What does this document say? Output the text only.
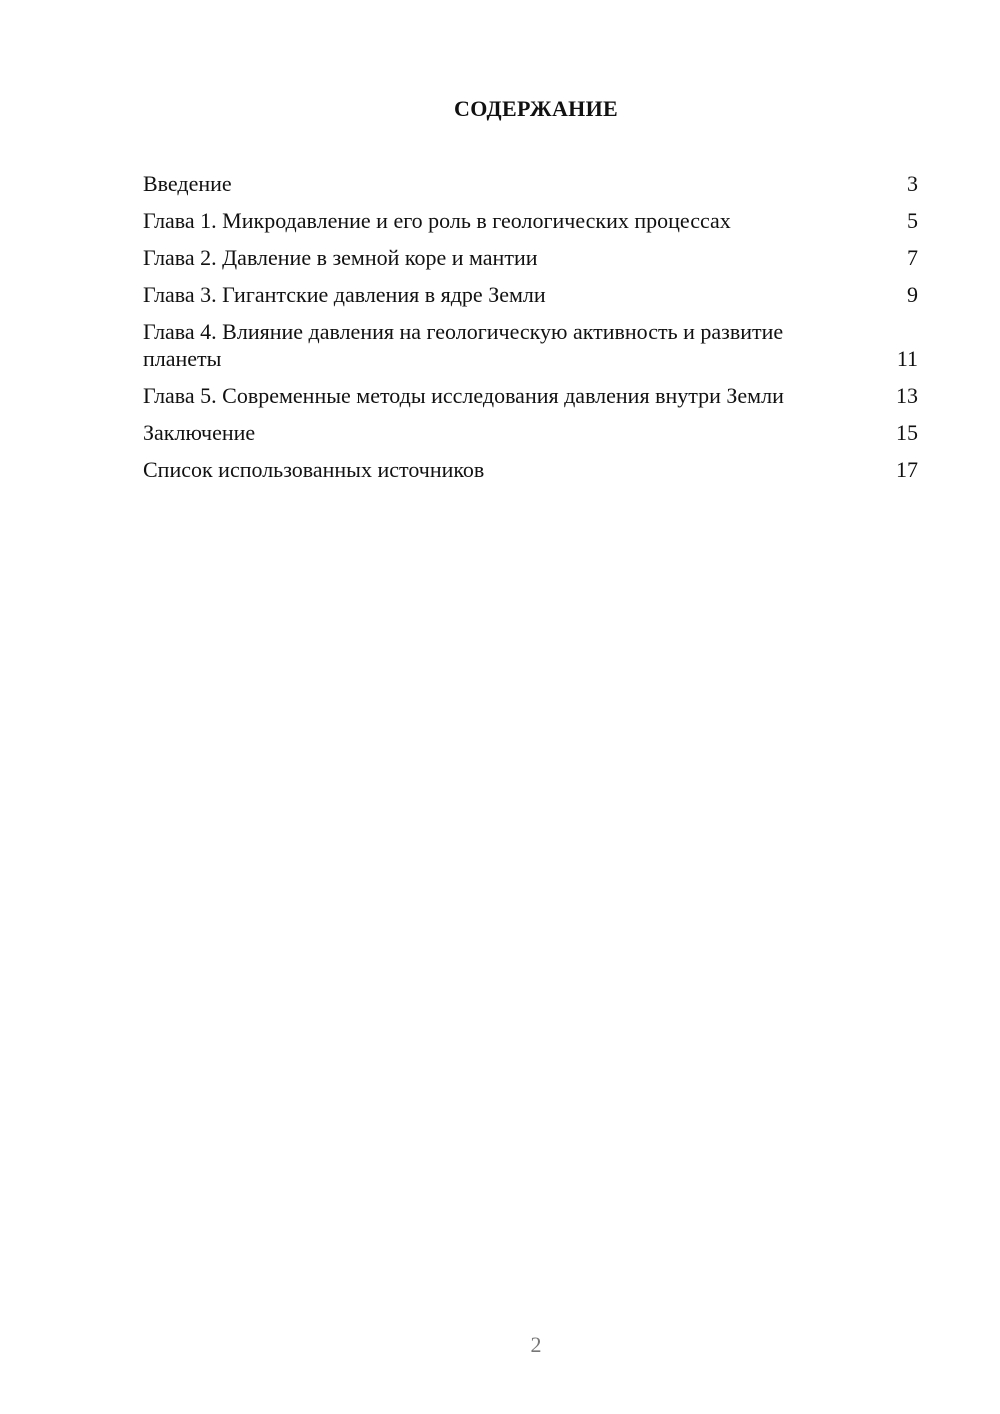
СОДЕРЖАНИЕ
Введение	3
Глава 1. Микродавление и его роль в геологических процессах	5
Глава 2. Давление в земной коре и мантии	7
Глава 3. Гигантские давления в ядре Земли	9
Глава 4. Влияние давления на геологическую активность и развитие планеты	11
Глава 5. Современные методы исследования давления внутри Земли	13
Заключение	15
Список использованных источников	17
2
